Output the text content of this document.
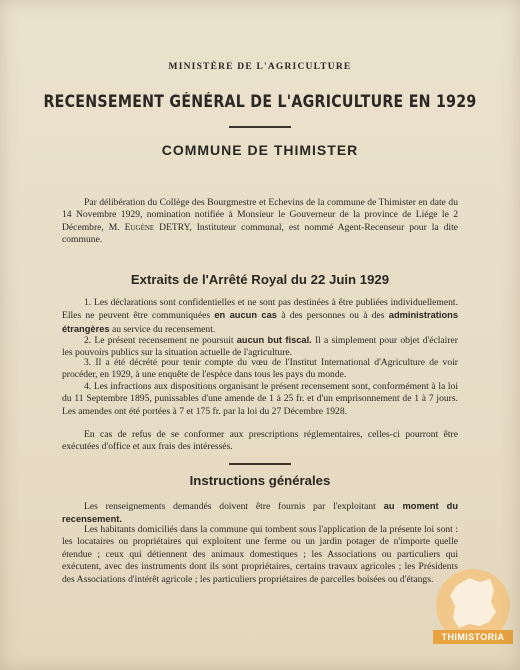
MINISTÈRE DE L'AGRICULTURE
RECENSEMENT GÉNÉRAL DE L'AGRICULTURE EN 1929
COMMUNE DE THIMISTER

Par délibération du Collège des Bourgmestre et Echevins de la commune de Thimister en date du 14 Novembre 1929, nomination notifiée à Monsieur le Gouverneur de la province de Liége le 2 Décembre, M. Eugène DETRY, Instituteur communal, est nommé Agent-Recenseur pour la dite commune.

Extraits de l'Arrêté Royal du 22 Juin 1929

1. Les déclarations sont confidentielles et ne sont pas destinées à être publiées individuellement. Elles ne peuvent être communiquées en aucun cas à des personnes ou à des administrations étrangères au service du recensement.

2. Le présent recensement ne poursuit aucun but fiscal. Il a simplement pour objet d'éclairer les pouvoirs publics sur la situation actuelle de l'agriculture.

3. Il a été décrété pour tenir compte du vœu de l'Institut International d'Agriculture de voir procéder, en 1929, à une enquête de l'espèce dans tous les pays du monde.

4. Les infractions aux dispositions organisant le présent recensement sont, conformément à la loi du 11 Septembre 1895, punissables d'une amende de 1 à 25 fr. et d'un emprisonnement de 1 à 7 jours. Les amendes ont été portées à 7 et 175 fr. par la loi du 27 Décembre 1928.

En cas de refus de se conformer aux prescriptions réglementaires, celles-ci pourront être exécutées d'office et aux frais des intéressés.

Instructions générales

Les renseignements demandés doivent être fournis par l'exploitant au moment du recensement.

Les habitants domiciliés dans la commune qui tombent sous l'application de la présente loi sont : les locataires ou propriétaires qui exploitent une ferme ou un jardin potager de n'importe quelle étendue ; ceux qui détiennent des animaux domestiques ; les Associations ou particuliers qui exécutent, avec des instruments dont ils sont propriétaires, certains travaux agricoles ; les Présidents des Associations d'intérêt agricole ; les particuliers propriétaires de parcelles boisées ou d'étangs.

THIMISTORIA
